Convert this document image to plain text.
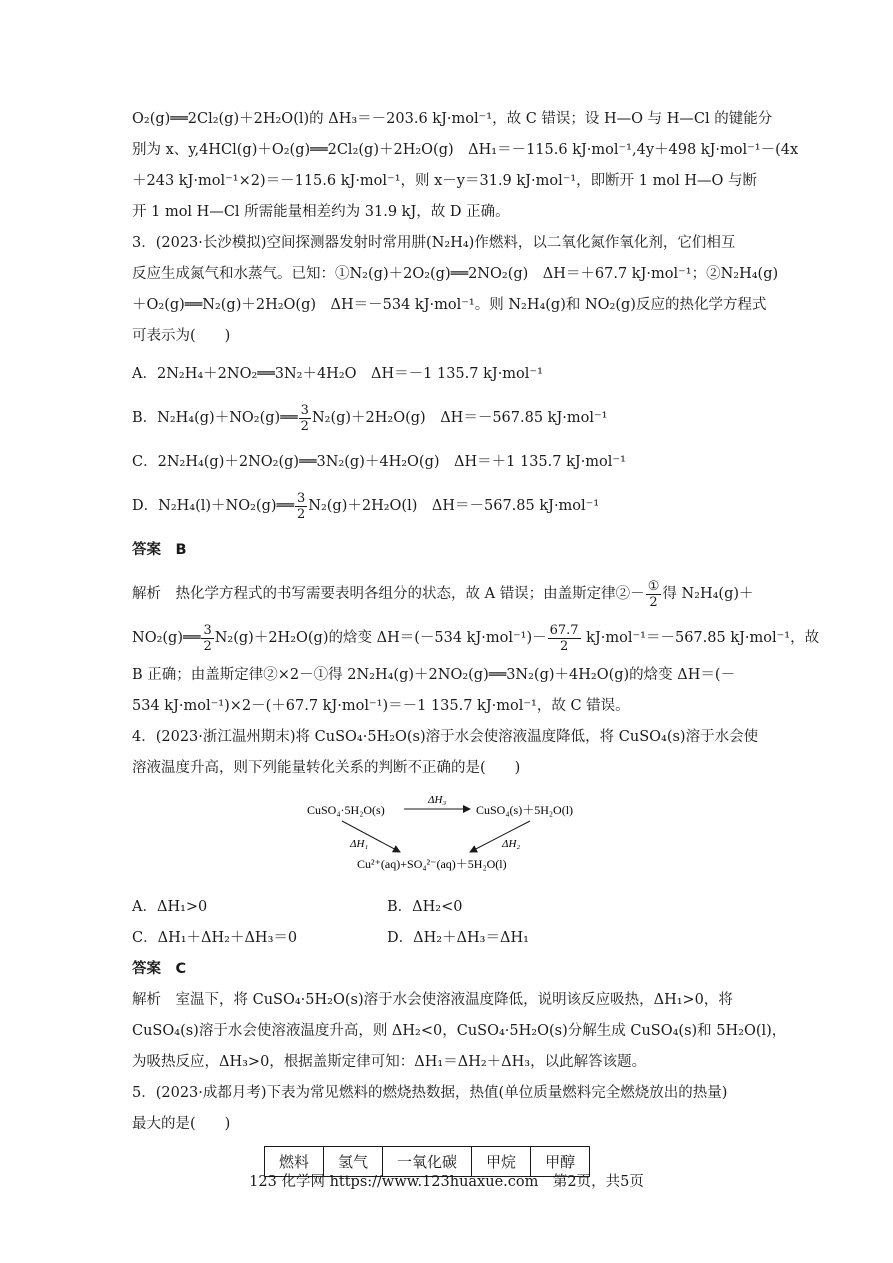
O₂(g)══2Cl₂(g)＋2H₂O(l)的 ΔH₃＝－203.6 kJ·mol⁻¹，故 C 错误；设 H—O 与 H—Cl 的键能分
别为 x、y,4HCl(g)＋O₂(g)══2Cl₂(g)＋2H₂O(g)　ΔH₁＝－115.6 kJ·mol⁻¹,4y＋498 kJ·mol⁻¹－(4x
＋243 kJ·mol⁻¹×2)＝－115.6 kJ·mol⁻¹，则 x－y＝31.9 kJ·mol⁻¹，即断开 1 mol H—O 与断
开 1 mol H—Cl 所需能量相差约为 31.9 kJ，故 D 正确。
3．(2023·长沙模拟)空间探测器发射时常用肼(N₂H₄)作燃料，以二氧化氮作氧化剂，它们相互
反应生成氮气和水蒸气。已知：①N₂(g)＋2O₂(g)══2NO₂(g)　ΔH＝＋67.7 kJ·mol⁻¹；②N₂H₄(g)
＋O₂(g)══N₂(g)＋2H₂O(g)　ΔH＝－534 kJ·mol⁻¹。则 N₂H₄(g)和 NO₂(g)反应的热化学方程式
可表示为(　　)
A．2N₂H₄＋2NO₂══3N₂＋4H₂O　ΔH＝－1 135.7 kJ·mol⁻¹
B．N₂H₄(g)＋NO₂(g)══ $\frac{3}{2} N_2(g)+2H_2O(g)$　ΔH＝－567.85 kJ·mol⁻¹
C．2N₂H₄(g)＋2NO₂(g)══3N₂(g)＋4H₂O(g)　ΔH＝＋1 135.7 kJ·mol⁻¹
D．N₂H₄(l)＋NO₂(g)══ $\frac{3}{2} N_2(g)+2H_2O(l)$　ΔH＝－567.85 kJ·mol⁻¹
答案　B
解析　热化学方程式的书写需要表明各组分的状态，故 A 错误；由盖斯定律②－ $\frac{\text{①}}{2}$ 得 N₂H₄(g)＋
NO₂(g)══ $\frac{3}{2} N_2(g)+2H_2O(g)$的焓变 ΔH＝(－534 $kJ\cdot mol^{-1})- \frac{67.7}{2} kJ\cdot mol^{-1}=-567.85$ kJ·mol⁻¹，故
B 正确；由盖斯定律②×2－①得 2N₂H₄(g)＋2NO₂(g)══3N₂(g)＋4H₂O(g)的焓变 ΔH＝(－
534 kJ·mol⁻¹)×2－(＋67.7 kJ·mol⁻¹)＝－1 135.7 kJ·mol⁻¹，故 C 错误。
4．(2023·浙江温州期末)将 CuSO₄·5H₂O(s)溶于水会使溶液温度降低，将 CuSO₄(s)溶于水会使
溶液温度升高，则下列能量转化关系的判断不正确的是(　　)
CuSO₄·5H₂O(s)
ΔH₃
CuSO₄(s)＋5H₂O(l)
ΔH₁	ΔH₂
Cu²⁺(aq)+SO₄²⁻(aq)＋5H₂O(l)
A．ΔH₁>0	B．ΔH₂<0
C．ΔH₁＋ΔH₂＋ΔH₃＝0	D．ΔH₂＋ΔH₃＝ΔH₁
答案　C
解析　室温下，将 CuSO₄·5H₂O(s)溶于水会使溶液温度降低，说明该反应吸热，ΔH₁>0，将
CuSO₄(s)溶于水会使溶液温度升高，则 ΔH₂<0，CuSO₄·5H₂O(s)分解生成 CuSO₄(s)和 5H₂O(l)，
为吸热反应，ΔH₃>0，根据盖斯定律可知：ΔH₁＝ΔH₂＋ΔH₃，以此解答该题。
5．(2023·成都月考)下表为常见燃料的燃烧热数据，热值(单位质量燃料完全燃烧放出的热量)
最大的是(　　)
燃料	氢气	一氧化碳	甲烷	甲醇
123 化学网 https://www.123huaxue.com　第2页，共5页
